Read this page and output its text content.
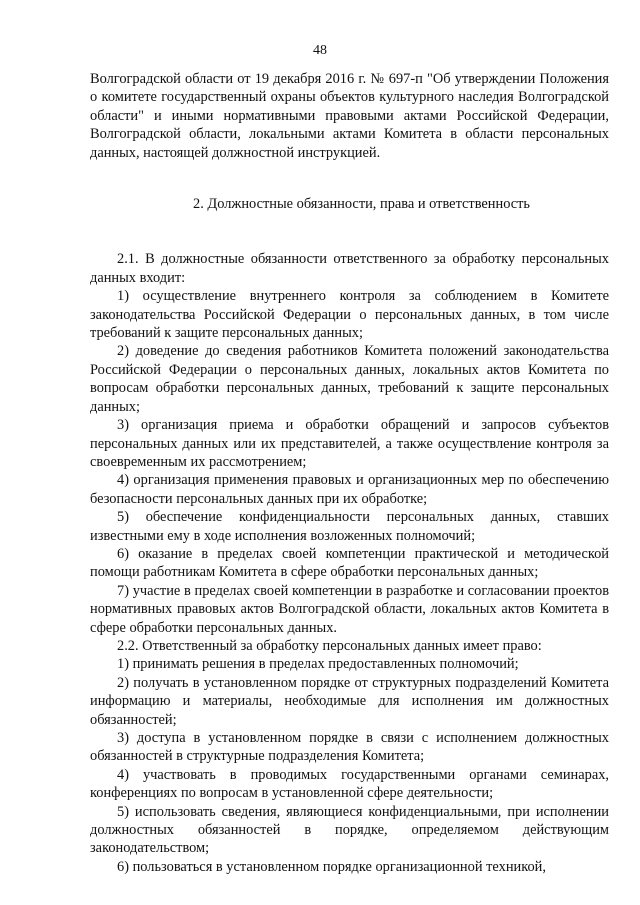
48

Волгоградской области от 19 декабря 2016 г. № 697-п "Об утверждении Положения о комитете государственный охраны объектов культурного наследия Волгоградской области" и иными нормативными правовыми актами Российской Федерации, Волгоградской области, локальными актами Комитета в области персональных данных, настоящей должностной инструкцией.

2. Должностные обязанности, права и ответственность

2.1. В должностные обязанности ответственного за обработку персональных данных входит:

1) осуществление внутреннего контроля за соблюдением в Комитете законодательства Российской Федерации о персональных данных, в том числе требований к защите персональных данных;

2) доведение до сведения работников Комитета положений законодательства Российской Федерации о персональных данных, локальных актов Комитета по вопросам обработки персональных данных, требований к защите персональных данных;

3) организация приема и обработки обращений и запросов субъектов персональных данных или их представителей, а также осуществление контроля за своевременным их рассмотрением;

4) организация применения правовых и организационных мер по обеспечению безопасности персональных данных при их обработке;

5) обеспечение конфиденциальности персональных данных, ставших известными ему в ходе исполнения возложенных полномочий;

6) оказание в пределах своей компетенции практической и методической помощи работникам Комитета в сфере обработки персональных данных;

7) участие в пределах своей компетенции в разработке и согласовании проектов нормативных правовых актов Волгоградской области, локальных актов Комитета в сфере обработки персональных данных.

2.2. Ответственный за обработку персональных данных имеет право:

1) принимать решения в пределах предоставленных полномочий;

2) получать в установленном порядке от структурных подразделений Комитета информацию и материалы, необходимые для исполнения им должностных обязанностей;

3) доступа в установленном порядке в связи с исполнением должностных обязанностей в структурные подразделения Комитета;

4) участвовать в проводимых государственными органами семинарах, конференциях по вопросам в установленной сфере деятельности;

5) использовать сведения, являющиеся конфиденциальными, при исполнении должностных обязанностей в порядке, определяемом действующим законодательством;

6) пользоваться в установленном порядке организационной техникой,
